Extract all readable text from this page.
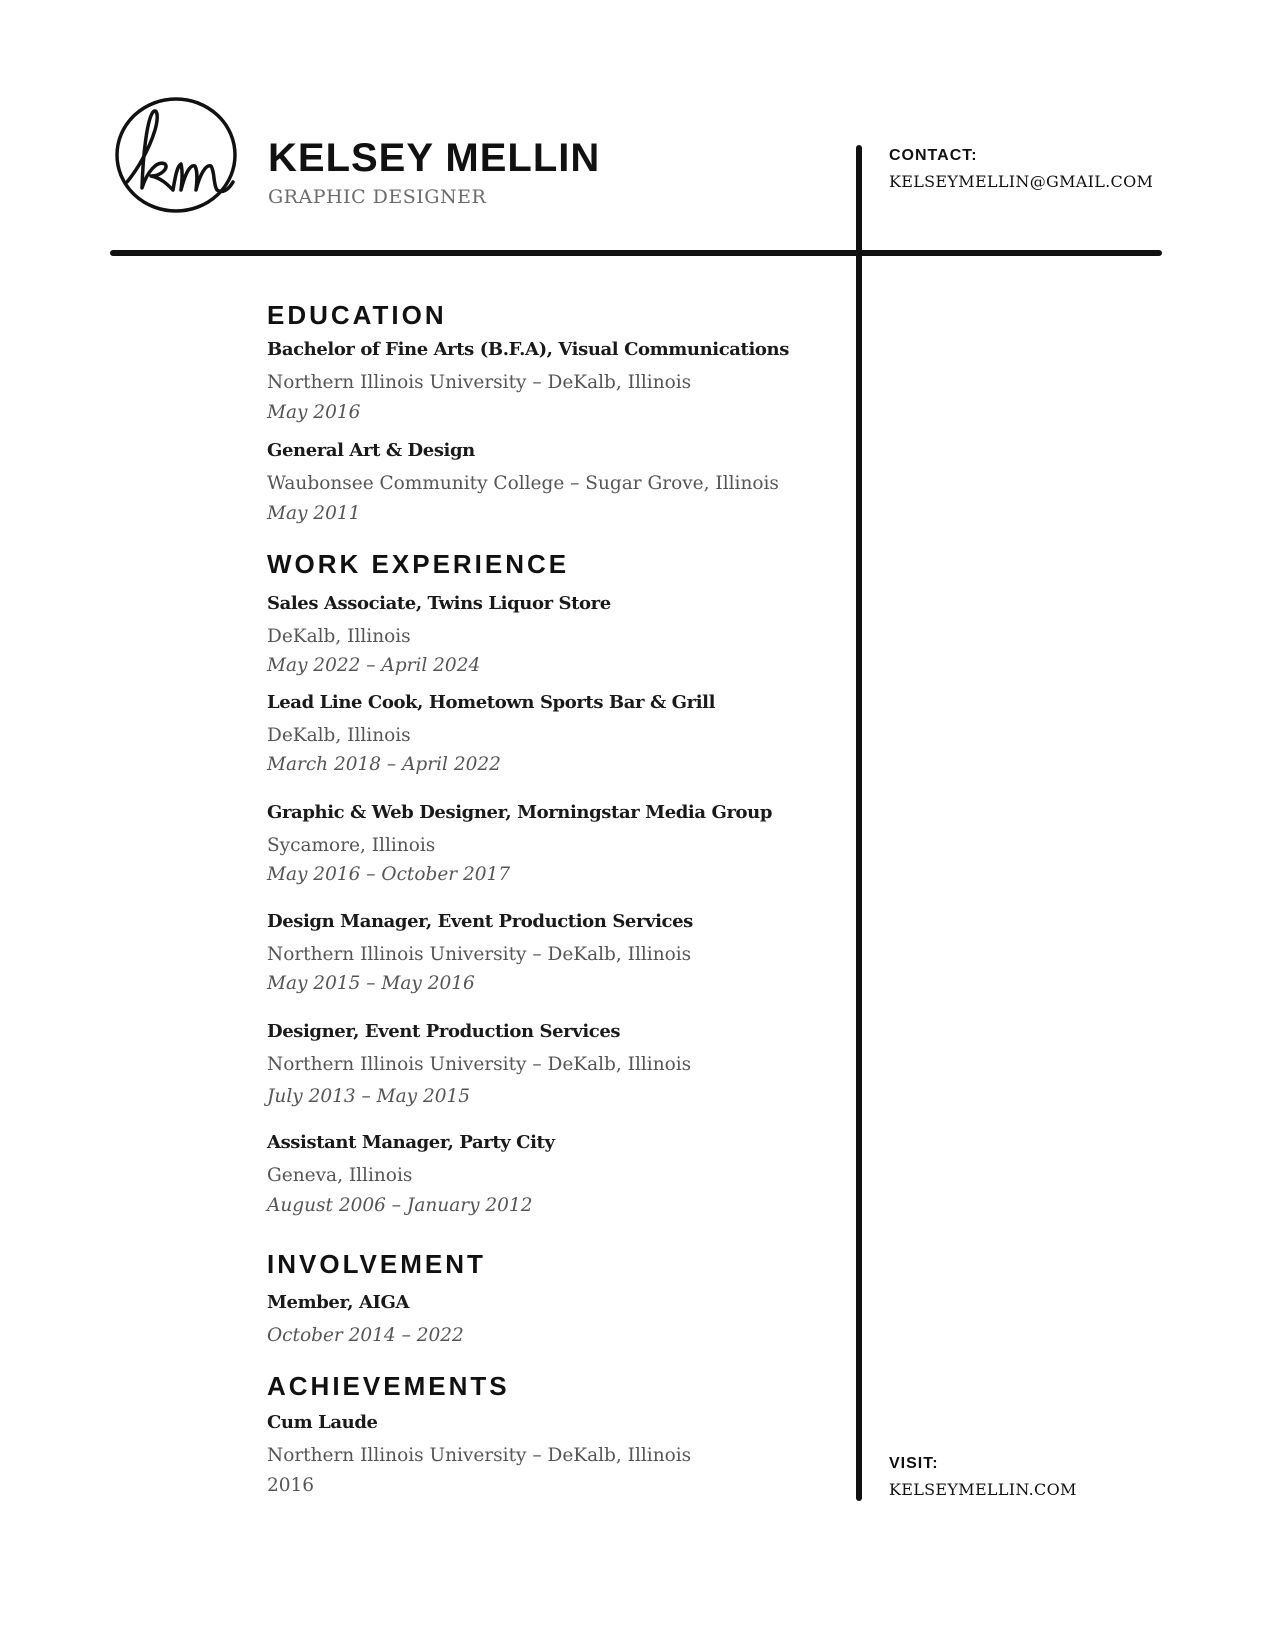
KELSEY MELLIN
GRAPHIC DESIGNER
CONTACT:
KELSEYMELLIN@GMAIL.COM
VISIT:
KELSEYMELLIN.COM
EDUCATION
Bachelor of Fine Arts (B.F.A), Visual Communications
Northern Illinois University – DeKalb, Illinois
May 2016
General Art & Design
Waubonsee Community College – Sugar Grove, Illinois
May 2011
WORK EXPERIENCE
Sales Associate, Twins Liquor Store
DeKalb, Illinois
May 2022 – April 2024
Lead Line Cook, Hometown Sports Bar & Grill
DeKalb, Illinois
March 2018 – April 2022
Graphic & Web Designer, Morningstar Media Group
Sycamore, Illinois
May 2016 – October 2017
Design Manager, Event Production Services
Northern Illinois University – DeKalb, Illinois
May 2015 – May 2016
Designer, Event Production Services
Northern Illinois University – DeKalb, Illinois
July 2013 – May 2015
Assistant Manager, Party City
Geneva, Illinois
August 2006 – January 2012
INVOLVEMENT
Member, AIGA
October 2014 – 2022
ACHIEVEMENTS
Cum Laude
Northern Illinois University – DeKalb, Illinois
2016
